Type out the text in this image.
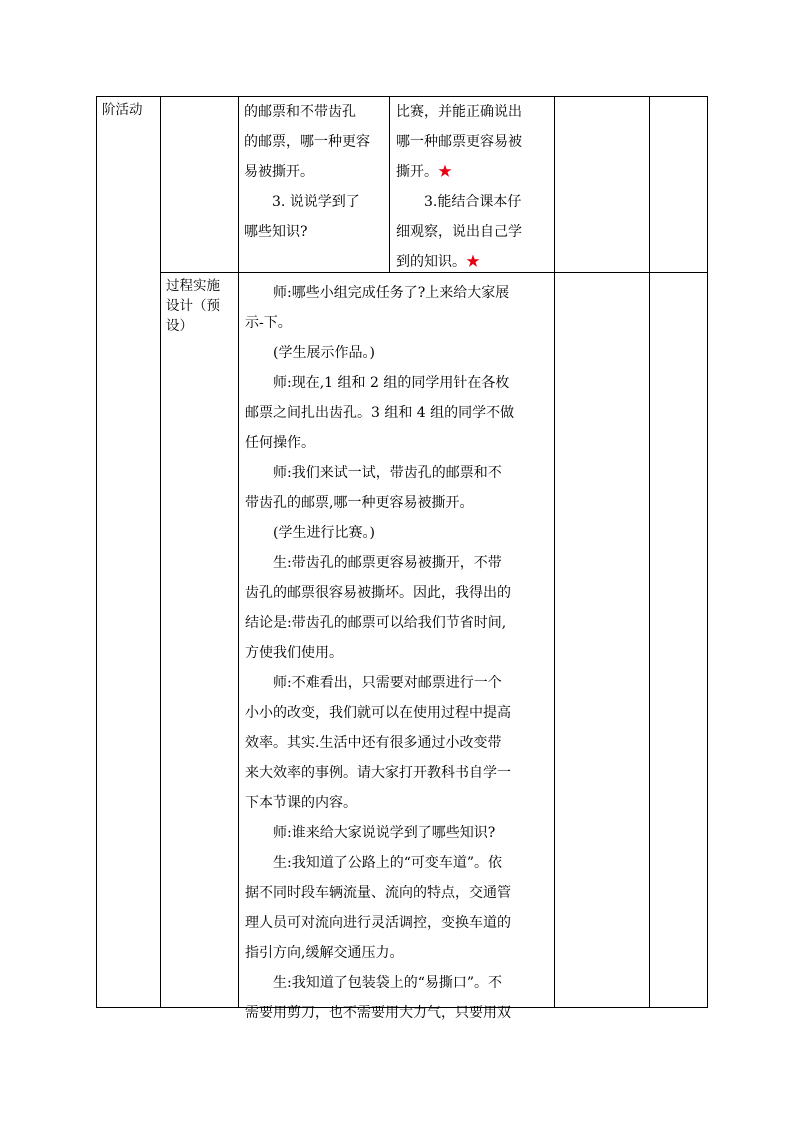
阶活动	的邮票和不带齿孔

的邮票，哪一种更容

易被撕开。

3. 说说学到了

哪些知识?

比赛，并能正确说出

哪一种邮票更容易被

撕开。★

3.能结合课本仔

细观察，说出自己学

到的知识。★

过程实施

设计（预

设）

师:哪些小组完成任务了?上来给大家展

示-下。

(学生展示作品。)

师:现在,1 组和 2 组的同学用针在各枚

邮票之间扎出齿孔。3 组和 4 组的同学不做

任何操作。

师:我们来试一试，带齿孔的邮票和不

带齿孔的邮票,哪一种更容易被撕开。

(学生进行比赛。)

生:带齿孔的邮票更容易被撕开，不带

齿孔的邮票很容易被撕坏。因此，我得出的

结论是:带齿孔的邮票可以给我们节省时间,

方使我们使用。

师:不难看出，只需要对邮票进行一个

小小的改变，我们就可以在使用过程中提高

效率。其实.生活中还有很多通过小改变带

来大效率的事例。请大家打开教科书自学一

下本节课的内容。

师:谁来给大家说说学到了哪些知识?

生:我知道了公路上的“可变车道”。依

据不同时段车辆流量、流向的特点，交通管

理人员可对流向进行灵活调控，变换车道的

指引方向,缓解交通压力。

生:我知道了包装袋上的“易撕口”。不

需要用剪刀，也不需要用大力气，只要用双
